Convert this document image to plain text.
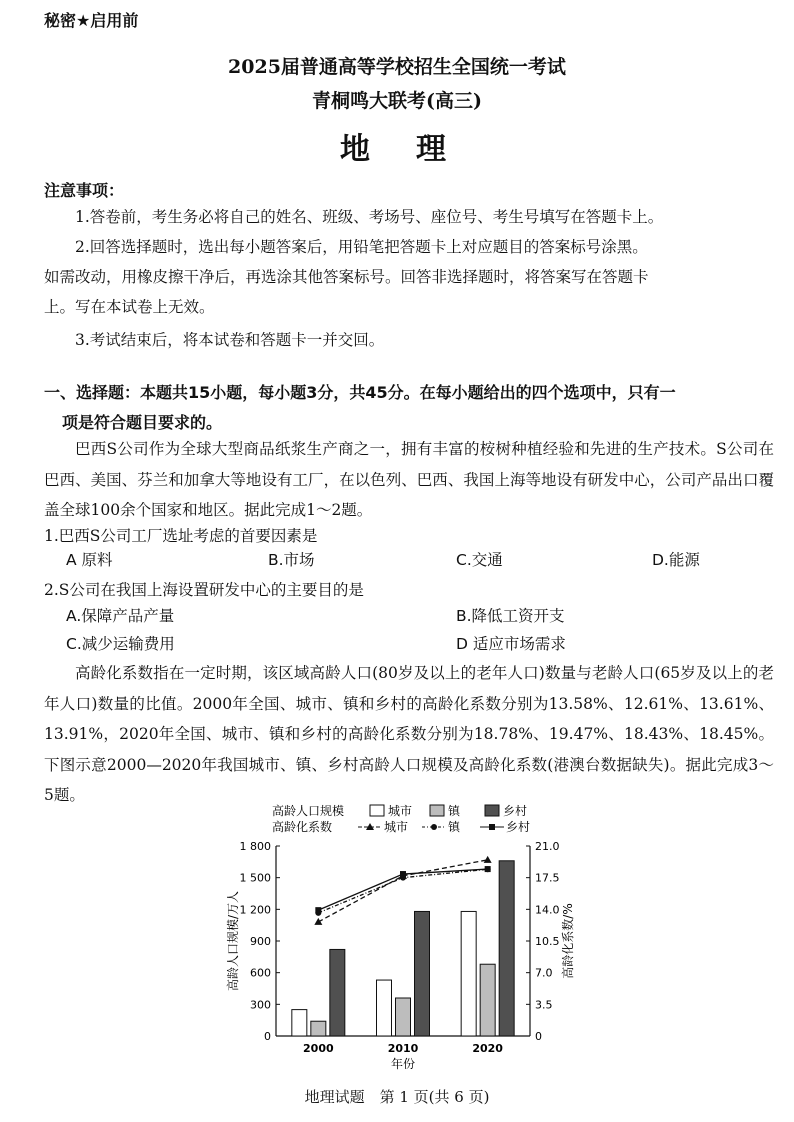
秘密★启用前
2025届普通高等学校招生全国统一考试
青桐鸣大联考(高三)
地　理
注意事项：
1.答卷前，考生务必将自己的姓名、班级、考场号、座位号、考生号填写在答题卡上。
2.回答选择题时，选出每小题答案后，用铅笔把答题卡上对应题目的答案标号涂黑。
如需改动，用橡皮擦干净后，再选涂其他答案标号。回答非选择题时，将答案写在答题卡
上。写在本试卷上无效。
3.考试结束后，将本试卷和答题卡一并交回。
一、选择题：本题共15小题，每小题3分，共45分。在每小题给出的四个选项中，只有一
项是符合题目要求的。
巴西S公司作为全球大型商品纸浆生产商之一，拥有丰富的桉树种植经验和先进的生产技术。S公司在巴西、美国、芬兰和加拿大等地设有工厂，在以色列、巴西、我国上海等地设有研发中心，公司产品出口覆盖全球100余个国家和地区。据此完成1～2题。
1.巴西S公司工厂选址考虑的首要因素是
A 原料	B.市场	C.交通	D.能源
2.S公司在我国上海设置研发中心的主要目的是
A.保障产品产量	B.降低工资开支
C.减少运输费用	D 适应市场需求
高龄化系数指在一定时期，该区域高龄人口(80岁及以上的老年人口)数量与老龄人口(65岁及以上的老年人口)数量的比值。2000年全国、城市、镇和乡村的高龄化系数分别为13.58%、12.61%、13.61%、13.91%，2020年全国、城市、镇和乡村的高龄化系数分别为18.78%、19.47%、18.43%、18.45%。下图示意2000—2020年我国城市、镇、乡村高龄人口规模及高龄化系数(港澳台数据缺失)。据此完成3～5题。
高龄人口规模	城市	镇	乡村
高龄化系数	城市	镇	乡村
0
300
600
900
1 200
1 500
1 800
0
3.5
7.0
10.5
14.0
17.5
21.0
2000	2010	2020
高龄人口规模/万人	高龄化系数/%
年份
地理试题　第 1 页(共 6 页)
